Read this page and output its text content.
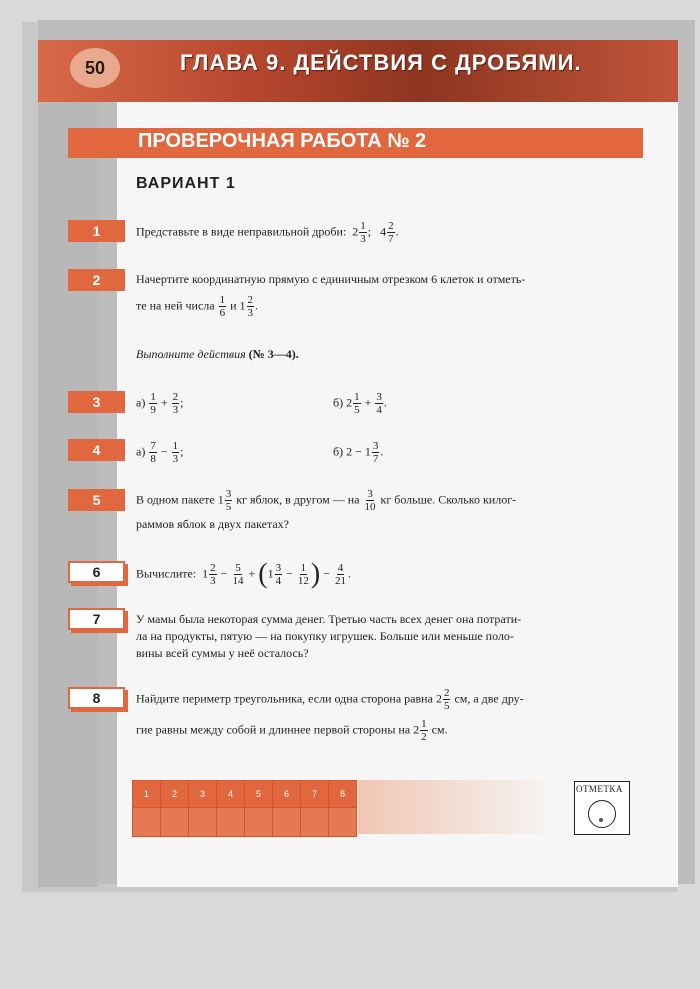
50	ГЛАВА 9. ДЕЙСТВИЯ С ДРОБЯМИ.
ПРОВЕРОЧНАЯ РАБОТА № 2
ВАРИАНТ 1
1	Представьте в виде неправильной дроби:  $2 \frac{1}{3}$ ;   $4 \frac{2}{7}$ .
2	Начертите координатную прямую с единичным отрезком 6 клеток и отметь-
те на ней числа $\frac{1}{6}$ и $1 \frac{2}{3}$ .
Выполните действия (№ 3—4).
3	$а) \frac{1}{9} + \frac{2}{3}$ ;	б) $2 \frac{1}{5} + \frac{3}{4}$ .
4	$а) \frac{7}{8} - \frac{1}{3}$ ;	б) $2 - 1 \frac{3}{7}$ .
5	В одном пакете $1 \frac{3}{5}$ кг яблок, в другом — на $\frac{3}{10}$ кг больше. Сколько килог-
раммов яблок в двух пакетах?
6	Вычислите:  $1 \frac{2}{3} - \frac{5}{14} + (1 \frac{3}{4} - \frac{1}{12}$ ) − $\frac{4}{21}$ .
7	У мамы была некоторая сумма денег. Третью часть всех денег она потрати-
ла на продукты, пятую — на покупку игрушек. Больше или меньше поло-
вины всей суммы у неё осталось?
8	Найдите периметр треугольника, если одна сторона равна $2 \frac{2}{5}$ см, а две дру-
гие равны между собой и длиннее первой стороны на $2 \frac{1}{2}$ см.
1	2	3	4	5	6	7	8
								ОТМЕТКА
